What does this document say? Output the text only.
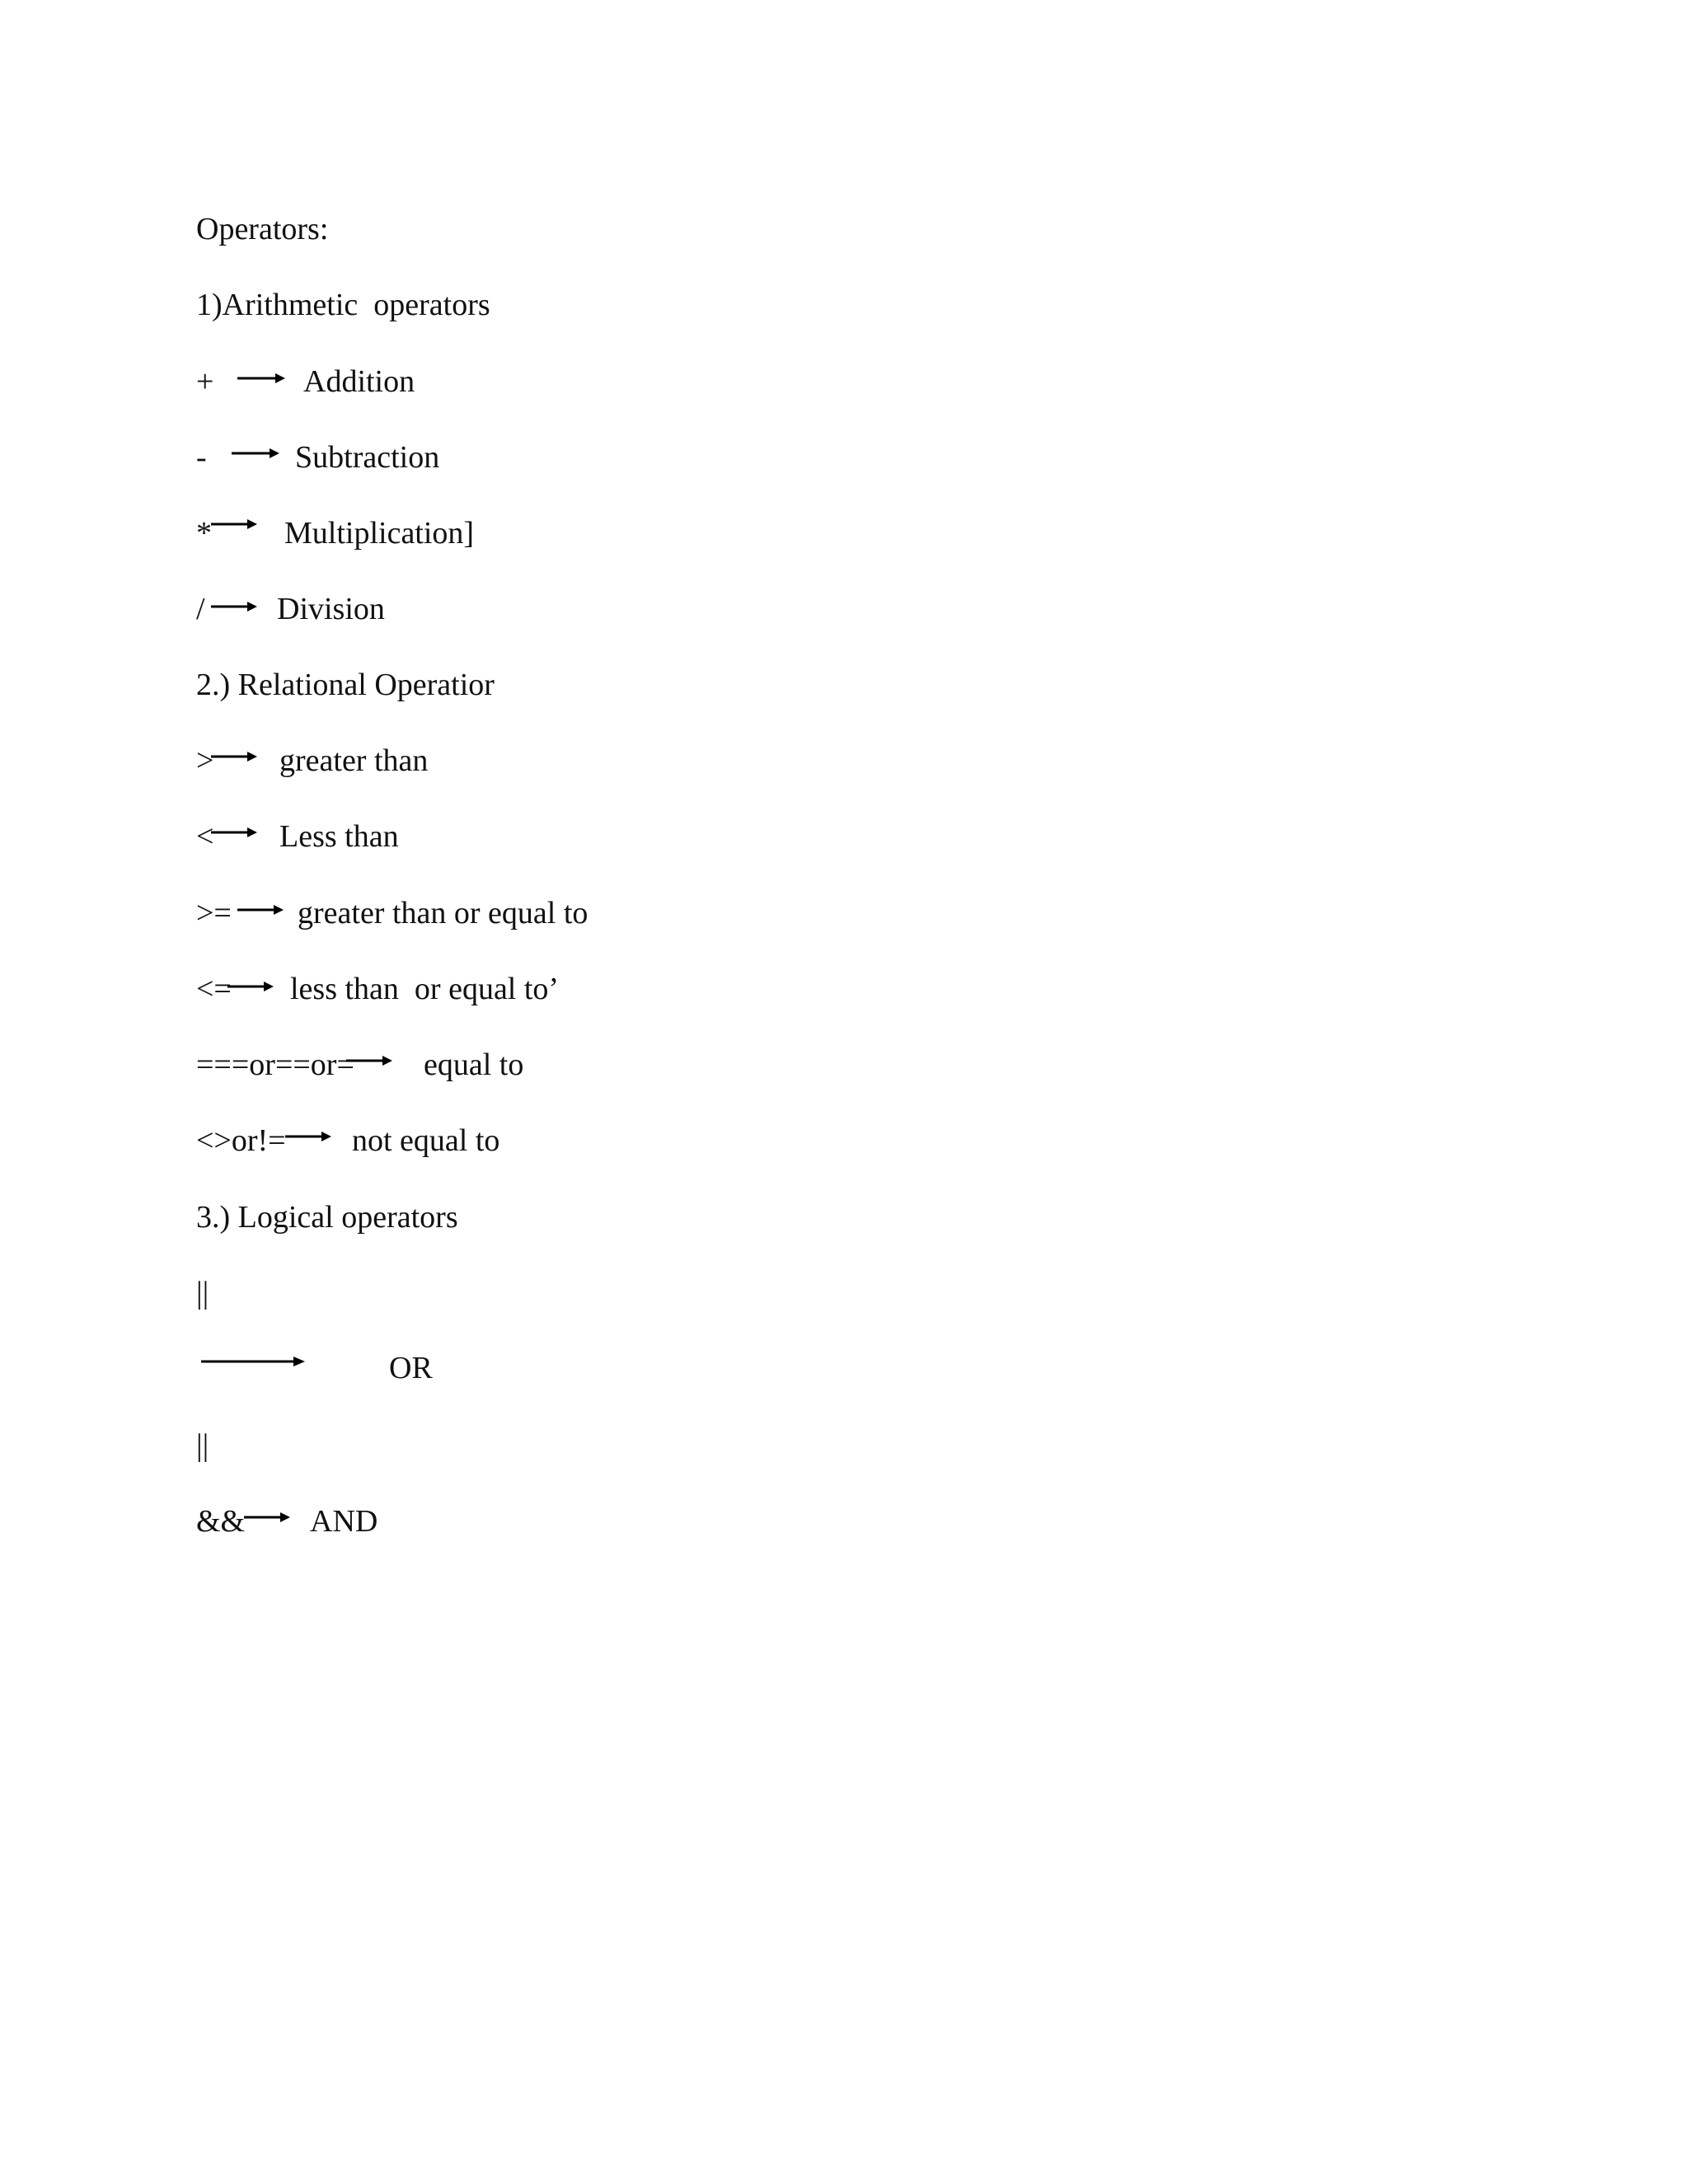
Operators:
1)Arithmetic  operators
+	Addition
-	Subtraction
* Multiplication]
/ Division
2.) Relational Operatior
> greater than
< Less than
>= greater than or equal to
<= less than  or equal to’
===or==or= equal to
<>or!= not equal to
3.) Logical operators
||
OR
||
&& AND
